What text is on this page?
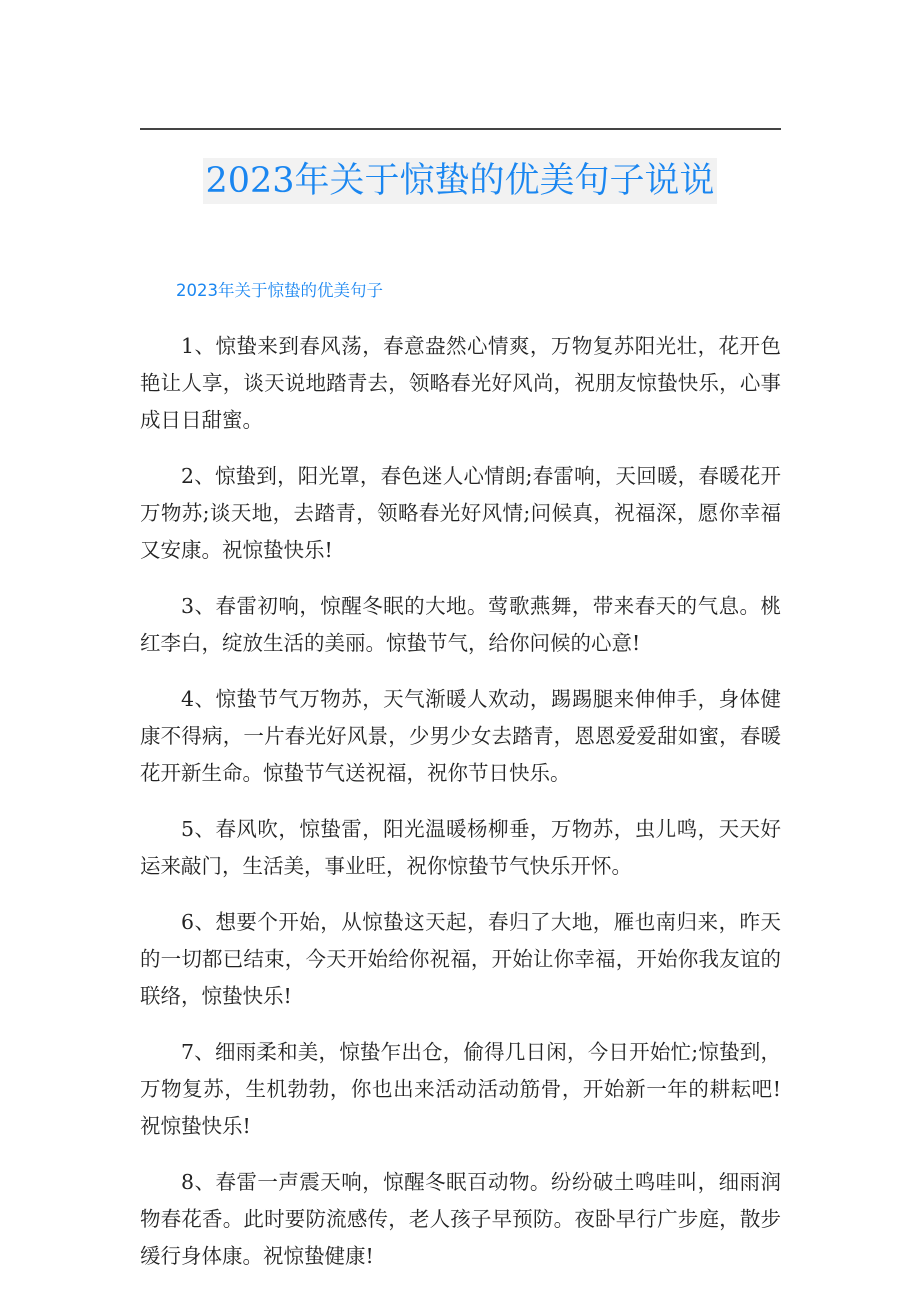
2023年关于惊蛰的优美句子说说
2023年关于惊蛰的优美句子

1、惊蛰来到春风荡，春意盎然心情爽，万物复苏阳光壮，花开色艳让人享，谈天说地踏青去，领略春光好风尚，祝朋友惊蛰快乐，心事成日日甜蜜。

2、惊蛰到，阳光罩，春色迷人心情朗;春雷响，天回暖，春暖花开万物苏;谈天地，去踏青，领略春光好风情;问候真，祝福深，愿你幸福又安康。祝惊蛰快乐!

3、春雷初响，惊醒冬眠的大地。莺歌燕舞，带来春天的气息。桃红李白，绽放生活的美丽。惊蛰节气，给你问候的心意!

4、惊蛰节气万物苏，天气渐暖人欢动，踢踢腿来伸伸手，身体健康不得病，一片春光好风景，少男少女去踏青，恩恩爱爱甜如蜜，春暖花开新生命。惊蛰节气送祝福，祝你节日快乐。

5、春风吹，惊蛰雷，阳光温暖杨柳垂，万物苏，虫儿鸣，天天好运来敲门，生活美，事业旺，祝你惊蛰节气快乐开怀。

6、想要个开始，从惊蛰这天起，春归了大地，雁也南归来，昨天的一切都已结束，今天开始给你祝福，开始让你幸福，开始你我友谊的联络，惊蛰快乐!

7、细雨柔和美，惊蛰乍出仓，偷得几日闲，今日开始忙;惊蛰到，万物复苏，生机勃勃，你也出来活动活动筋骨，开始新一年的耕耘吧!祝惊蛰快乐!

8、春雷一声震天响，惊醒冬眠百动物。纷纷破土鸣哇叫，细雨润物春花香。此时要防流感传，老人孩子早预防。夜卧早行广步庭，散步缓行身体康。祝惊蛰健康!
